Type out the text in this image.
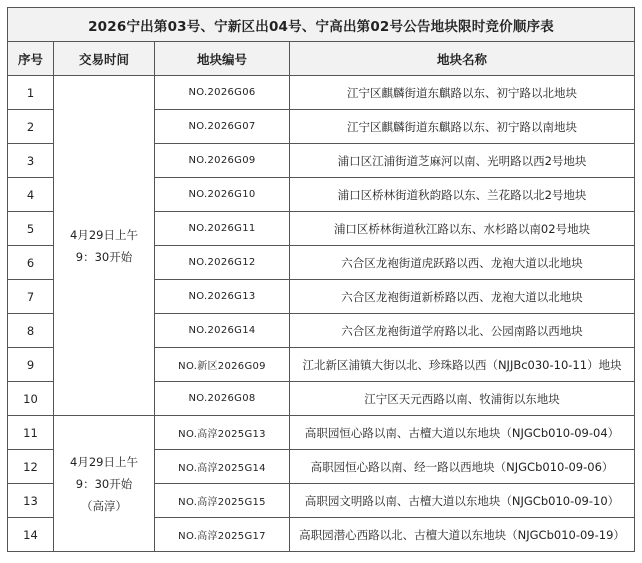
2026宁出第03号、宁新区出04号、宁高出第02号公告地块限时竞价顺序表			
序号	交易时间	地块编号	地块名称
1	4月29日上午
9：30开始	NO.2026G06	江宁区麒麟街道东麒路以东、初宁路以北地块
2		NO.2026G07	江宁区麒麟街道东麒路以东、初宁路以南地块
3		NO.2026G09	浦口区江浦街道芝麻河以南、光明路以西2号地块
4		NO.2026G10	浦口区桥林街道秋韵路以东、兰花路以北2号地块
5		NO.2026G11	浦口区桥林街道秋江路以东、水杉路以南02号地块
6		NO.2026G12	六合区龙袍街道虎跃路以西、龙袍大道以北地块
7		NO.2026G13	六合区龙袍街道新桥路以西、龙袍大道以北地块
8		NO.2026G14	六合区龙袍街道学府路以北、公园南路以西地块
9		NO.新区2026G09	江北新区浦镇大街以北、珍珠路以西（NJJBc030-10-11）地块
10		NO.2026G08	江宁区天元西路以南、牧浦街以东地块
11	4月29日上午
9：30开始
（高淳）	NO.高淳2025G13	高职园恒心路以南、古檀大道以东地块（NJGCb010-09-04）
12		NO.高淳2025G14	高职园恒心路以南、经一路以西地块（NJGCb010-09-06）
13		NO.高淳2025G15	高职园文明路以南、古檀大道以东地块（NJGCb010-09-10）
14		NO.高淳2025G17	高职园潜心西路以北、古檀大道以东地块（NJGCb010-09-19）
